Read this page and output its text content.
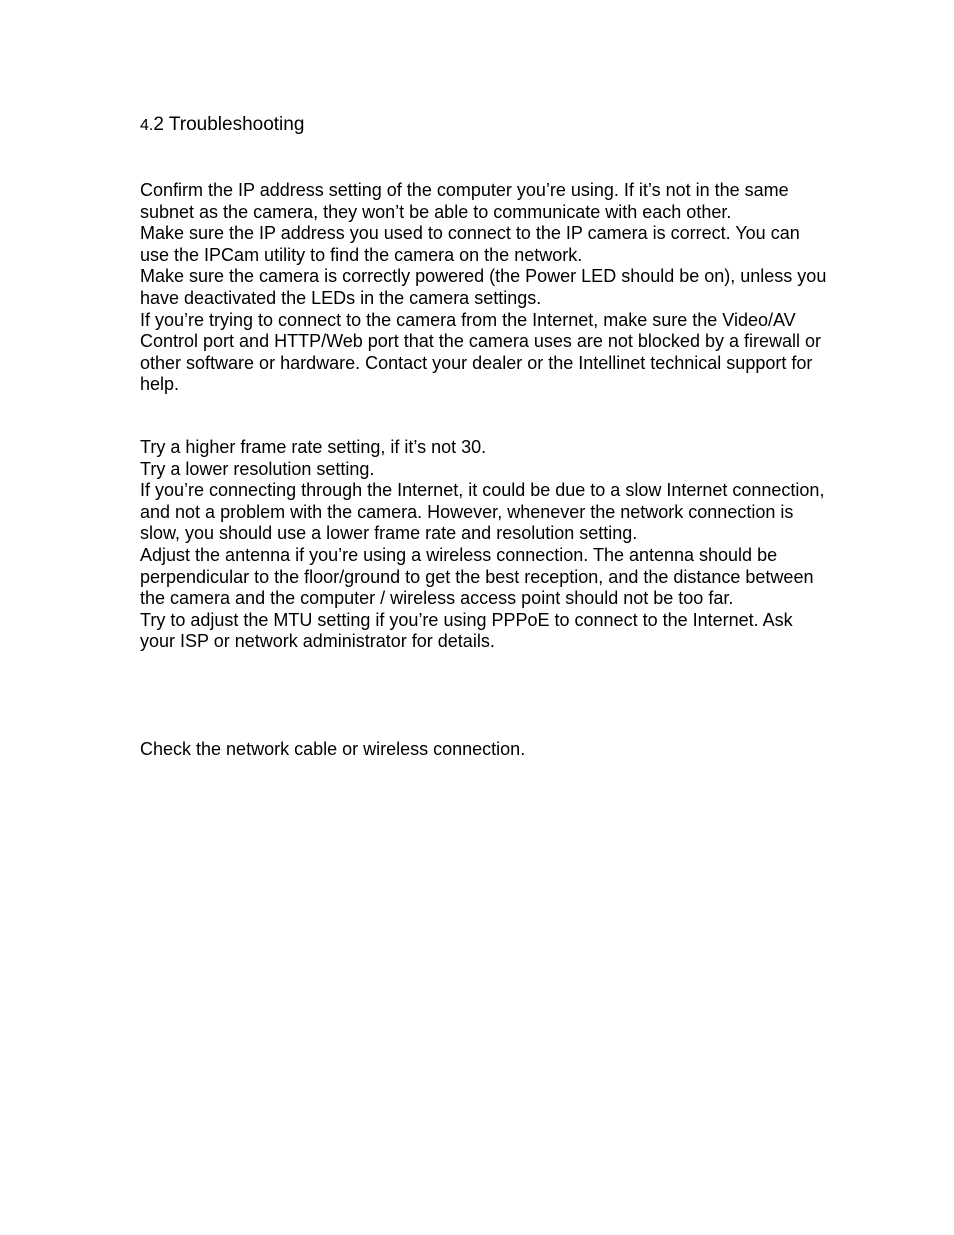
4.2 Troubleshooting

Confirm the IP address setting of the computer you’re using. If it’s not in the same subnet as the camera, they won’t be able to communicate with each other.

Make sure the IP address you used to connect to the IP camera is correct. You can use the IPCam utility to find the camera on the network.

Make sure the camera is correctly powered (the Power LED should be on), unless you have deactivated the LEDs in the camera settings.

If you’re trying to connect to the camera from the Internet, make sure the Video/AV Control port and HTTP/Web port that the camera uses are not blocked by a firewall or other software or hardware. Contact your dealer or the Intellinet technical support for help.

Try a higher frame rate setting, if it’s not 30.

Try a lower resolution setting.

If you’re connecting through the Internet, it could be due to a slow Internet connection, and not a problem with the camera. However, whenever the network connection is slow, you should use a lower frame rate and resolution setting.

Adjust the antenna if you’re using a wireless connection. The antenna should be perpendicular to the floor/ground to get the best reception, and the distance between the camera and the computer / wireless access point should not be too far.

Try to adjust the MTU setting if you’re using PPPoE to connect to the Internet. Ask your ISP or network administrator for details.

Check the network cable or wireless connection.
